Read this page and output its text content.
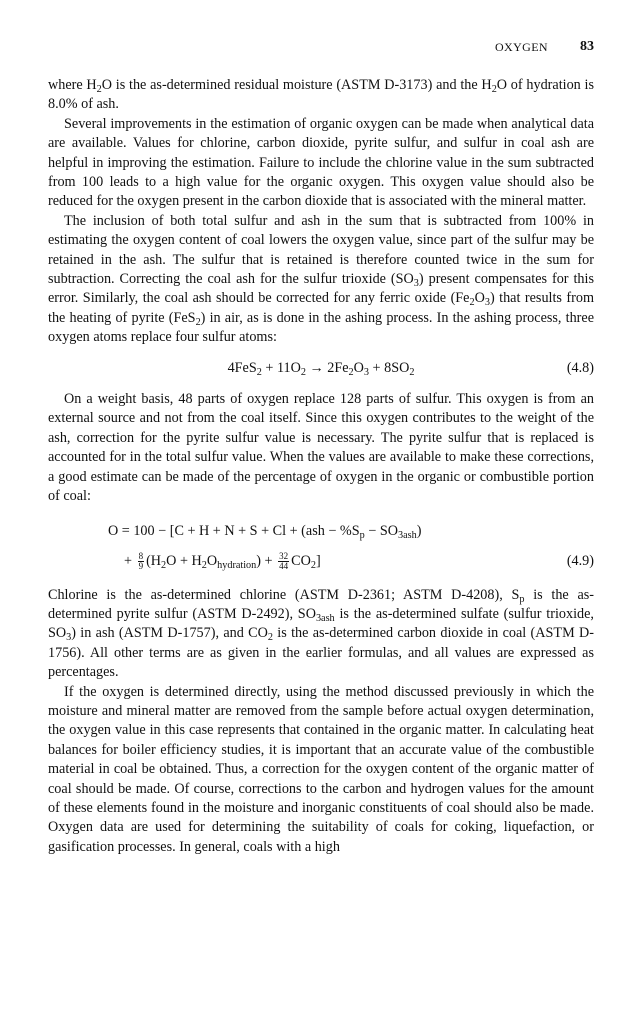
OXYGEN 83

where $H_2O$ is the as-determined residual moisture (ASTM D-3173) and the $H_2O$ of hydration is 8.0% of ash.

Several improvements in the estimation of organic oxygen can be made when analytical data are available. Values for chlorine, carbon dioxide, pyrite sulfur, and sulfur in coal ash are helpful in improving the estimation. Failure to include the chlorine value in the sum subtracted from 100 leads to a high value for the organic oxygen. This oxygen value should also be reduced for the oxygen present in the carbon dioxide that is associated with the mineral matter.

The inclusion of both total sulfur and ash in the sum that is subtracted from 100% in estimating the oxygen content of coal lowers the oxygen value, since part of the sulfur may be retained in the ash. The sulfur that is retained is therefore counted twice in the sum for subtraction. Correcting the coal ash for the sulfur trioxide $(SO_3)$ present compensates for this error. Similarly, the coal ash should be corrected for any ferric oxide $(Fe_2O_3)$ that results from the heating of pyrite (FeS$_2$) in air, as is done in the ashing process. In the ashing process, three oxygen atoms replace four sulfur atoms:

$4FeS_2 + 11O_2 \to 2Fe_2O_3 + 8SO_2$	(4.8)

On a weight basis, 48 parts of oxygen replace 128 parts of sulfur. This oxygen is from an external source and not from the coal itself. Since this oxygen contributes to the weight of the ash, correction for the pyrite sulfur value is necessary. The pyrite sulfur that is replaced is accounted for in the total sulfur value. When the values are available to make these corrections, a good estimate can be made of the percentage of oxygen in the organic or combustible portion of coal:

$O = 100 - [C + H + N + S + Cl + (ash - \%S_p - SO_{3ash})$
+ $\frac{8}{9} (H_2O + H_2O_{hydration}) + \frac{32}{44} CO_2$]	(4.9)

Chlorine is the as-determined chlorine (ASTM D-2361; ASTM D-4208), $S_p$ is the as-determined pyrite sulfur (ASTM D-2492), $SO_{3ash}$ is the as-determined sulfate (sulfur trioxide, $SO_3$) in ash (ASTM D-1757), and $CO_2$ is the as-determined carbon dioxide in coal (ASTM D-1756). All other terms are as given in the earlier formulas, and all values are expressed as percentages.

If the oxygen is determined directly, using the method discussed previously in which the moisture and mineral matter are removed from the sample before actual oxygen determination, the oxygen value in this case represents that contained in the organic matter. In calculating heat balances for boiler efficiency studies, it is important that an accurate value of the combustible material in coal be obtained. Thus, a correction for the oxygen content of the organic matter of coal should be made. Of course, corrections to the carbon and hydrogen values for the amount of these elements found in the moisture and inorganic constituents of coal should also be made. Oxygen data are used for determining the suitability of coals for coking, liquefaction, or gasification processes. In general, coals with a high
